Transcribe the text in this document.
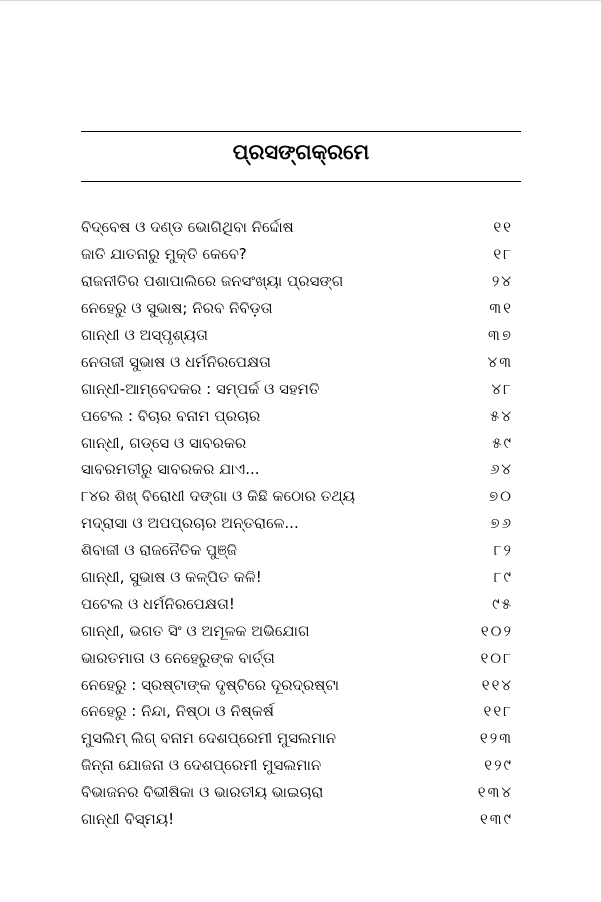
ପ୍ରସଙ୍ଗକ୍ରମେ
ବିଦ୍ବେଷ ଓ ଦଣ୍ଡ ଭୋଗିଥିବା ନିର୍ଦ୍ଦୋଷ	୧୧
ଜାତି ଯାତନାରୁ ମୁକ୍ତି କେବେ?	୧୮
ରାଜନୀତିର ପଶାପାଲିରେ ଜନସଂଖ୍ୟା ପ୍ରସଙ୍ଗ	୨୪
ନେହେରୁ ଓ ସୁଭାଷ; ନିରବ ନିବିଡ଼ତା	୩୧
ଗାନ୍ଧୀ ଓ ଅସ୍ପୃଶ୍ୟତା	୩୭
ନେତାଜୀ ସୁଭାଷ ଓ ଧର୍ମନିରପେକ୍ଷତା	୪୩
ଗାନ୍ଧୀ-ଆମ୍ବେଦକର : ସମ୍ପର୍କ ଓ ସହମତି	୪୮
ପଟେଲ : ବିଚାର ବନାମ ପ୍ରଚାର	୫୪
ଗାନ୍ଧୀ, ଗଡ୍‌ସେ ଓ ସାବରକର	୫୯
ସାବରମତୀରୁ ସାବରକର ଯାଏ...	୬୪
୮୪ର ଶିଖ୍ ବିରୋଧୀ ଦଙ୍ଗା ଓ କିଛି କଠୋର ତଥ୍ୟ	୭୦
ମଦ୍ରାସା ଓ ଅପପ୍ରଚାର ଅନ୍ତରାଳେ...	୭୬
ଶିବାଜୀ ଓ ରାଜନୈତିକ ପୁଞ୍ଜି	୮୨
ଗାନ୍ଧୀ, ସୁଭାଷ ଓ କଳ୍ପିତ କଳି!	୮୯
ପଟେଲ ଓ ଧର୍ମନିରପେକ୍ଷତା!	୯୫
ଗାନ୍ଧୀ, ଭଗତ ସିଂ ଓ ଅମୂଳକ ଅଭିଯୋଗ	୧୦୨
ଭାରତମାତା ଓ ନେହେରୁଙ୍କ ବାର୍ତ୍ତା	୧୦୮
ନେହେରୁ : ସ୍ରଷ୍ଟାଙ୍କ ଦୃଷ୍ଟିରେ ଦୂରଦ୍ରଷ୍ଟା	୧୧୪
ନେହେରୁ : ନିନ୍ଦା, ନିଷ୍ଠା ଓ ନିଷ୍କର୍ଷ	୧୧୮
ମୁସଲିମ୍ ଲିଗ୍ ବନାମ ଦେଶପ୍ରେମୀ ମୁସଲମାନ	୧୨୩
ଜିନ୍ନା ଯୋଜନା ଓ ଦେଶପ୍ରେମୀ ମୁସଲମାନ	୧୨୯
ବିଭାଜନର ବିଭୀଷିକା ଓ ଭାରତୀୟ ଭାଇଚାରା	୧୩୪
ଗାନ୍ଧୀ ବିସ୍ମୟ!	୧୩୯
